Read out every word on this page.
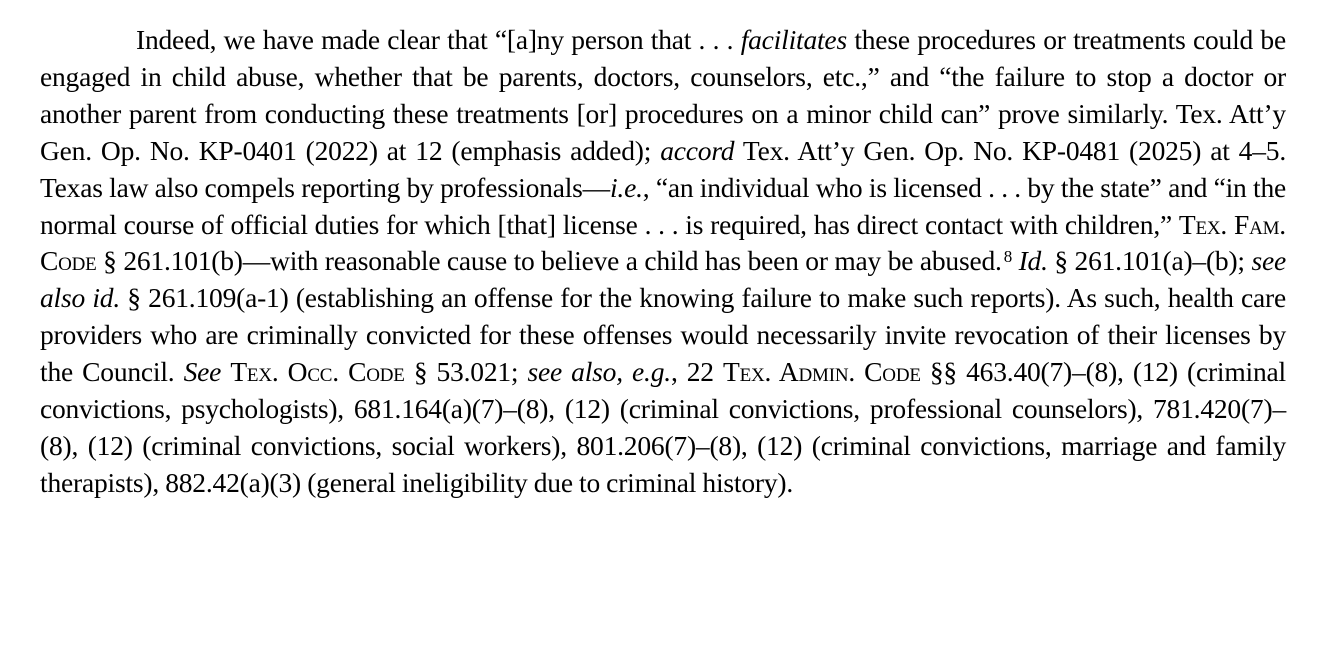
Indeed, we have made clear that “[a]ny person that . . . facilitates these procedures or treatments could be engaged in child abuse, whether that be parents, doctors, counselors, etc.,” and “the failure to stop a doctor or another parent from conducting these treatments [or] procedures on a minor child can” prove similarly. Tex. Att’y Gen. Op. No. KP-0401 (2022) at 12 (emphasis added); accord Tex. Att’y Gen. Op. No. KP-0481 (2025) at 4–5. Texas law also compels reporting by professionals—i.e., “an individual who is licensed . . . by the state” and “in the normal course of official duties for which [that] license . . . is required, has direct contact with children,” Tex. Fam. Code § 261.101(b)—with reasonable cause to believe a child has been or may be abused. $^8$ Id. § 261.101(a)–(b); see also id. § 261.109(a-1) (establishing an offense for the knowing failure to make such reports). As such, health care providers who are criminally convicted for these offenses would necessarily invite revocation of their licenses by the Council. See Tex. Occ. Code § 53.021; see also, e.g., 22 Tex. Admin. Code §§ 463.40(7)–(8), (12) (criminal convictions, psychologists), 681.164(a)(7)–(8), (12) (criminal convictions, professional counselors), 781.420(7)–(8), (12) (criminal convictions, social workers), 801.206(7)–(8), (12) (criminal convictions, marriage and family therapists), 882.42(a)(3) (general ineligibility due to criminal history).
